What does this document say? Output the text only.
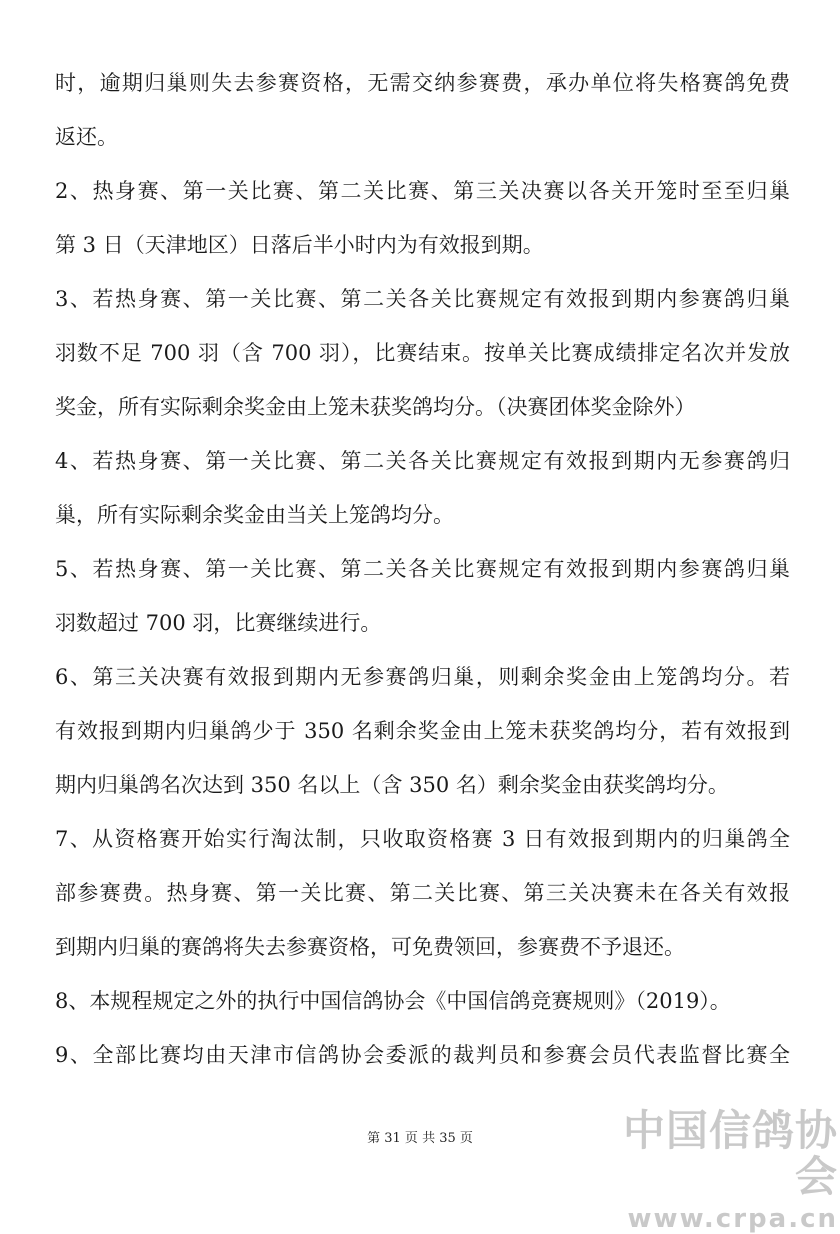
时，逾期归巢则失去参赛资格，无需交纳参赛费，承办单位将失格赛鸽免费
返还。
2、热身赛、第一关比赛、第二关比赛、第三关决赛以各关开笼时至至归巢
第 3 日（天津地区）日落后半小时内为有效报到期。
3、若热身赛、第一关比赛、第二关各关比赛规定有效报到期内参赛鸽归巢
羽数不足 700 羽（含 700 羽），比赛结束。按单关比赛成绩排定名次并发放
奖金，所有实际剩余奖金由上笼未获奖鸽均分。（决赛团体奖金除外）
4、若热身赛、第一关比赛、第二关各关比赛规定有效报到期内无参赛鸽归
巢，所有实际剩余奖金由当关上笼鸽均分。
5、若热身赛、第一关比赛、第二关各关比赛规定有效报到期内参赛鸽归巢
羽数超过 700 羽，比赛继续进行。
6、第三关决赛有效报到期内无参赛鸽归巢，则剩余奖金由上笼鸽均分。若
有效报到期内归巢鸽少于 350 名剩余奖金由上笼未获奖鸽均分，若有效报到
期内归巢鸽名次达到 350 名以上（含 350 名）剩余奖金由获奖鸽均分。
7、从资格赛开始实行淘汰制，只收取资格赛 3 日有效报到期内的归巢鸽全
部参赛费。热身赛、第一关比赛、第二关比赛、第三关决赛未在各关有效报
到期内归巢的赛鸽将失去参赛资格，可免费领回，参赛费不予退还。
8、本规程规定之外的执行中国信鸽协会《中国信鸽竞赛规则》（2019）。
9、全部比赛均由天津市信鸽协会委派的裁判员和参赛会员代表监督比赛全
第 31 页 共 35 页	中国信鸽协会
www.crpa.cn
